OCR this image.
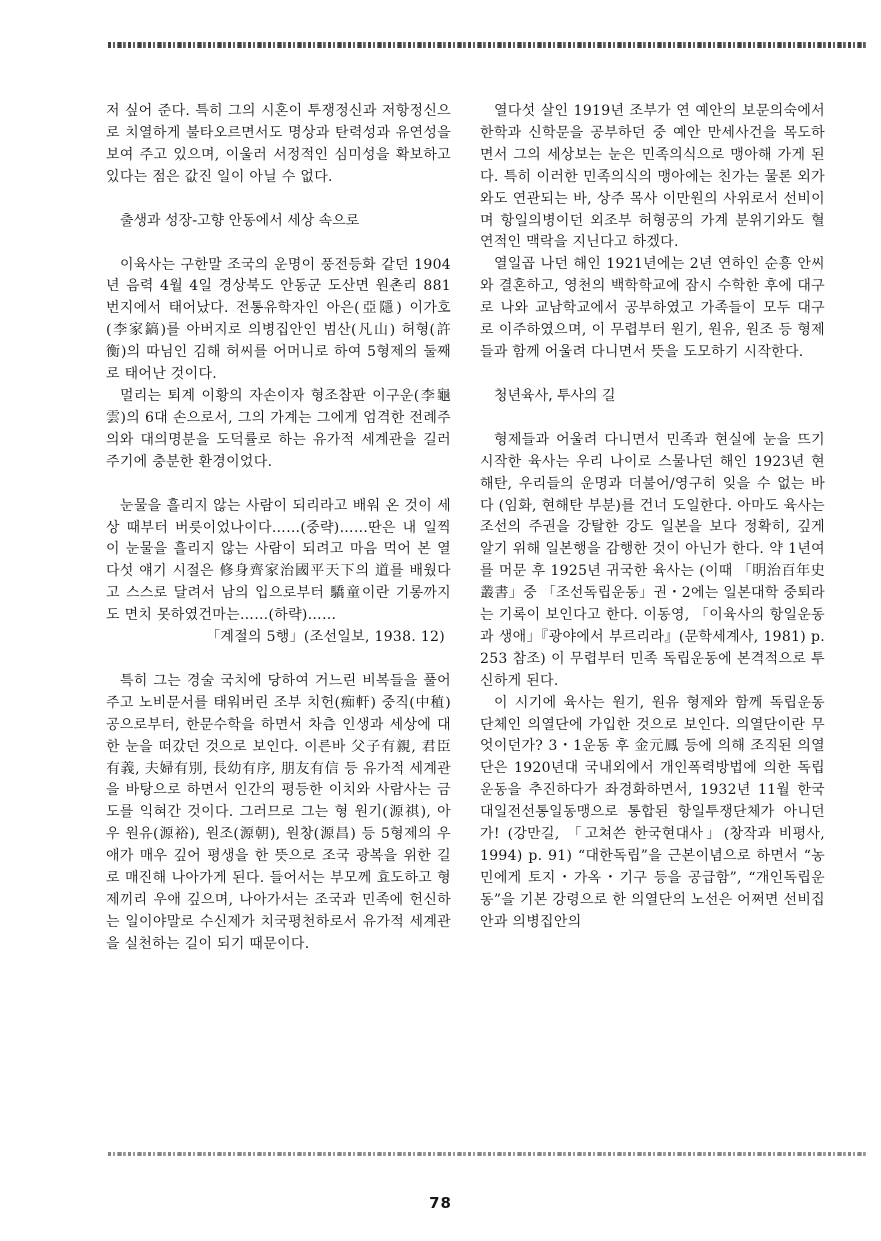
저 싶어 준다. 특히 그의 시혼이 투쟁정신과 저항정신으로 치열하게 불타오르면서도 명상과 탄력성과 유연성을 보여 주고 있으며, 이울러 서정적인 심미성을 확보하고 있다는 점은 값진 일이 아닐 수 없다.

출생과 성장-고향 안동에서 세상 속으로

이육사는 구한말 조국의 운명이 풍전등화 같던 1904년 음력 4월 4일 경상북도 안동군 도산면 원촌리 881번지에서 태어났다. 전통유학자인 아은(亞隱) 이가호(李家鎬)를 아버지로 의병집안인 범산(凡山) 허형(許衡)의 따님인 김해 허씨를 어머니로 하여 5형제의 둘째로 태어난 것이다.

멀리는 퇴계 이황의 자손이자 형조참판 이구운(李龜雲)의 6대 손으로서, 그의 가계는 그에게 엄격한 전례주의와 대의명분을 도덕률로 하는 유가적 세계관을 길러주기에 충분한 환경이었다.

눈물을 흘리지 않는 사람이 되리라고 배워 온 것이 세상 때부터 버릇이었나이다……(중략)……딴은 내 일찍이 눈물을 흘리지 않는 사람이 되려고 마음 먹어 본 열다섯 얘기 시절은 修身齊家治國平天下의 道를 배웠다고 스스로 달려서 남의 입으로부터 驕童이란 기롱까지도 면치 못하였건마는……(하략)……

「계절의 5행」(조선일보, 1938. 12)

특히 그는 경술 국치에 당하여 거느린 비복들을 풀어주고 노비문서를 태워버린 조부 치헌(痴軒) 중직(中稙)공으로부터, 한문수학을 하면서 차츰 인생과 세상에 대한 눈을 떠갔던 것으로 보인다. 이른바 父子有親, 君臣有義, 夫婦有別, 長幼有序, 朋友有信 등 유가적 세계관을 바탕으로 하면서 인간의 평등한 이치와 사람사는 금도를 익혀간 것이다. 그러므로 그는 형 원기(源祺), 아우 원유(源裕), 원조(源朝), 원창(源昌) 등 5형제의 우애가 매우 깊어 평생을 한 뜻으로 조국 광복을 위한 길로 매진해 나아가게 된다. 들어서는 부모께 효도하고 형제끼리 우애 깊으며, 나아가서는 조국과 민족에 헌신하는 일이야말로 수신제가 치국평천하로서 유가적 세계관을 실천하는 길이 되기 때문이다.

열다섯 살인 1919년 조부가 연 예안의 보문의숙에서 한학과 신학문을 공부하던 중 예안 만세사건을 목도하면서 그의 세상보는 눈은 민족의식으로 맹아해 가게 된다. 특히 이러한 민족의식의 맹아에는 친가는 물론 외가와도 연관되는 바, 상주 목사 이만원의 사위로서 선비이며 항일의병이던 외조부 허형공의 가계 분위기와도 혈연적인 맥락을 지닌다고 하겠다.

열일곱 나던 해인 1921년에는 2년 연하인 순흥 안씨와 결혼하고, 영천의 백학학교에 잠시 수학한 후에 대구로 나와 교남학교에서 공부하였고 가족들이 모두 대구로 이주하였으며, 이 무렵부터 원기, 원유, 원조 등 형제들과 함께 어울려 다니면서 뜻을 도모하기 시작한다.

청년육사, 투사의 길

형제들과 어울려 다니면서 민족과 현실에 눈을 뜨기 시작한 육사는 우리 나이로 스물나던 해인 1923년 현해탄, 우리들의 운명과 더불어/영구히 잊을 수 없는 바다 (임화, 현해탄 부분)를 건너 도일한다. 아마도 육사는 조선의 주권을 강탈한 강도 일본을 보다 정확히, 깊게 알기 위해 일본행을 감행한 것이 아닌가 한다. 약 1년여를 머문 후 1925년 귀국한 육사는 (이때 「明治百年史叢書」중 「조선독립운동」권・2에는 일본대학 중퇴라는 기록이 보인다고 한다. 이동영, 「이육사의 항일운동과 생애」『광야에서 부르리라』(문학세계사, 1981) p. 253 참조) 이 무렵부터 민족 독립운동에 본격적으로 투신하게 된다.

이 시기에 육사는 원기, 원유 형제와 함께 독립운동 단체인 의열단에 가입한 것으로 보인다. 의열단이란 무엇이던가? 3・1운동 후 金元鳳 등에 의해 조직된 의열단은 1920년대 국내외에서 개인폭력방법에 의한 독립운동을 추진하다가 좌경화하면서, 1932년 11월 한국대일전선통일동맹으로 통합된 항일투쟁단체가 아니던가! (강만길, 「고쳐쓴 한국현대사」(창작과 비평사, 1994) p. 91) “대한독립”을 근본이념으로 하면서 “농민에게 토지・가옥・기구 등을 공급함”, “개인독립운동”을 기본 강령으로 한 의열단의 노선은 어쩌면 선비집안과 의병집안의

78
